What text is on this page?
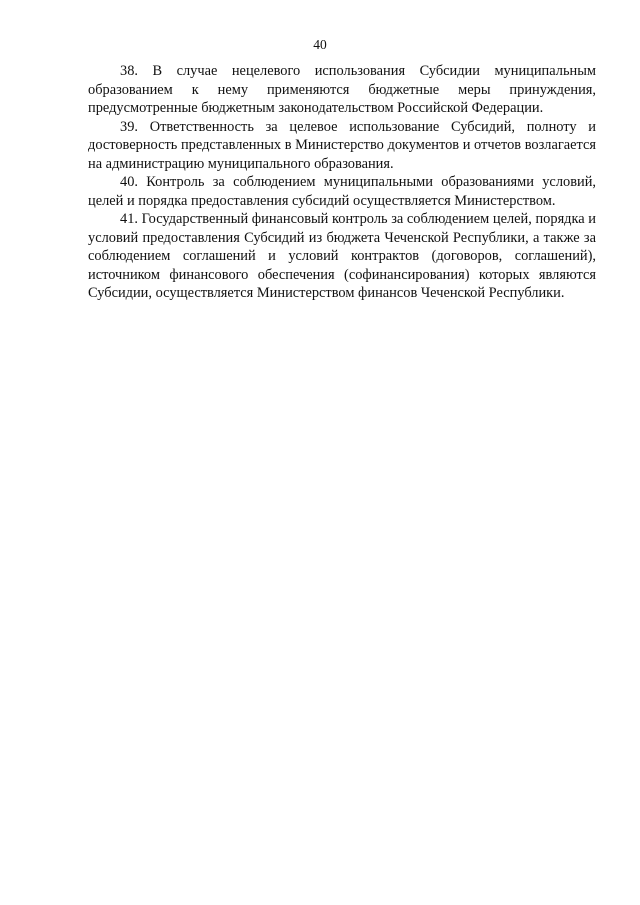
40

38. В случае нецелевого использования Субсидии муниципальным образованием к нему применяются бюджетные меры принуждения, предусмотренные бюджетным законодательством Российской Федерации.

39. Ответственность за целевое использование Субсидий, полноту и достоверность представленных в Министерство документов и отчетов возлагается на администрацию муниципального образования.

40. Контроль за соблюдением муниципальными образованиями условий, целей и порядка предоставления субсидий осуществляется Министерством.

41. Государственный финансовый контроль за соблюдением целей, порядка и условий предоставления Субсидий из бюджета Чеченской Республики, а также за соблюдением соглашений и условий контрактов (договоров, соглашений), источником финансового обеспечения (софинансирования) которых являются Субсидии, осуществляется Министерством финансов Чеченской Республики.
